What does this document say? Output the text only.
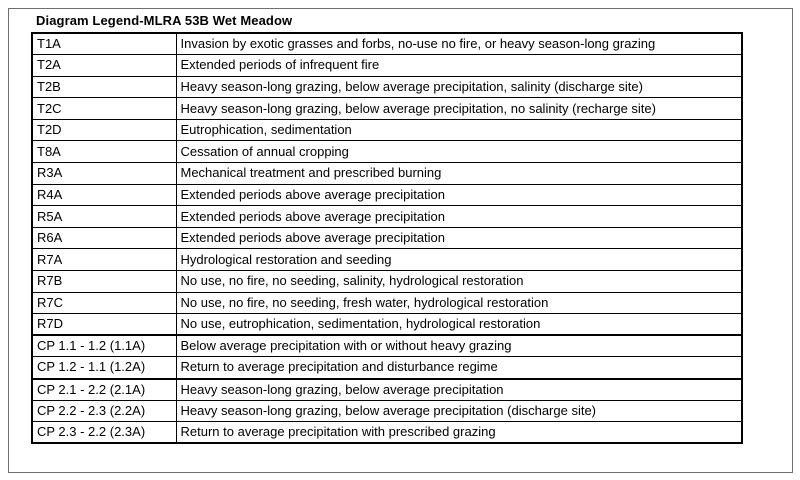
Diagram Legend-MLRA 53B Wet Meadow
T1A	Invasion by exotic grasses and forbs, no-use no fire, or heavy season-long grazing
T2A	Extended periods of infrequent fire
T2B	Heavy season-long grazing, below average precipitation, salinity (discharge site)
T2C	Heavy season-long grazing, below average precipitation, no salinity (recharge site)
T2D	Eutrophication, sedimentation
T8A	Cessation of annual cropping
R3A	Mechanical treatment and prescribed burning
R4A	Extended periods above average precipitation
R5A	Extended periods above average precipitation
R6A	Extended periods above average precipitation
R7A	Hydrological restoration and seeding
R7B	No use, no fire, no seeding, salinity, hydrological restoration
R7C	No use, no fire, no seeding, fresh water, hydrological restoration
R7D	No use, eutrophication, sedimentation, hydrological restoration
CP 1.1 - 1.2 (1.1A)	Below average precipitation with or without heavy grazing
CP 1.2 - 1.1 (1.2A)	Return to average precipitation and disturbance regime
CP 2.1 - 2.2 (2.1A)	Heavy season-long grazing, below average precipitation
CP 2.2 - 2.3 (2.2A)	Heavy season-long grazing, below average precipitation (discharge site)
CP 2.3 - 2.2 (2.3A)	Return to average precipitation with prescribed grazing
